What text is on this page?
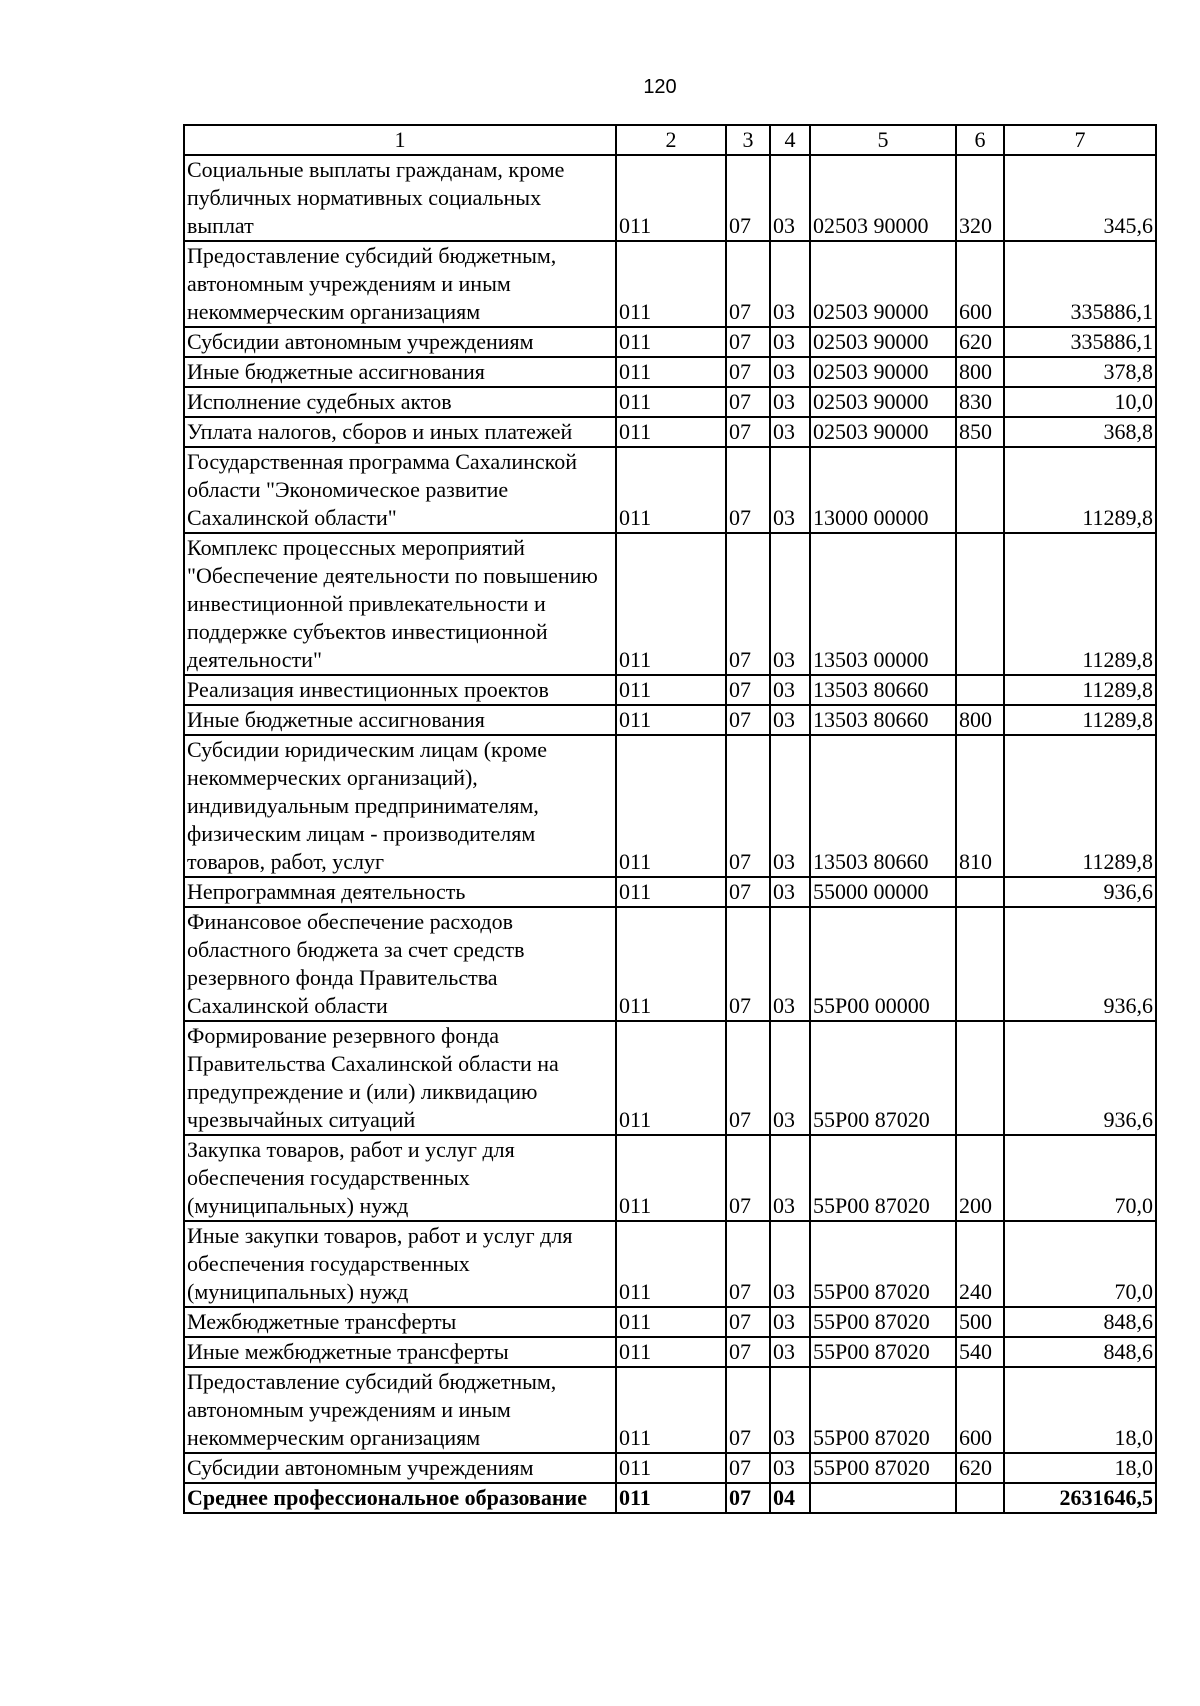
120
1	2	3	4	5	6	7
Социальные выплаты гражданам, кроме публичных нормативных социальных выплат	011	07	03	02503 90000	320	345,6
Предоставление субсидий бюджетным, автономным учреждениям и иным некоммерческим организациям	011	07	03	02503 90000	600	335886,1
Субсидии автономным учреждениям	011	07	03	02503 90000	620	335886,1
Иные бюджетные ассигнования	011	07	03	02503 90000	800	378,8
Исполнение судебных актов	011	07	03	02503 90000	830	10,0
Уплата налогов, сборов и иных платежей	011	07	03	02503 90000	850	368,8
Государственная программа Сахалинской области "Экономическое развитие Сахалинской области"	011	07	03	13000 00000		11289,8
Комплекс процессных мероприятий "Обеспечение деятельности по повышению инвестиционной привлекательности и поддержке субъектов инвестиционной деятельности"	011	07	03	13503 00000		11289,8
Реализация инвестиционных проектов	011	07	03	13503 80660		11289,8
Иные бюджетные ассигнования	011	07	03	13503 80660	800	11289,8
Субсидии юридическим лицам (кроме некоммерческих организаций), индивидуальным предпринимателям, физическим лицам - производителям товаров, работ, услуг	011	07	03	13503 80660	810	11289,8
Непрограммная деятельность	011	07	03	55000 00000		936,6
Финансовое обеспечение расходов областного бюджета за счет средств резервного фонда Правительства Сахалинской области	011	07	03	55Р00 00000		936,6
Формирование резервного фонда Правительства Сахалинской области на предупреждение и (или) ликвидацию чрезвычайных ситуаций	011	07	03	55Р00 87020		936,6
Закупка товаров, работ и услуг для обеспечения государственных (муниципальных) нужд	011	07	03	55Р00 87020	200	70,0
Иные закупки товаров, работ и услуг для обеспечения государственных (муниципальных) нужд	011	07	03	55Р00 87020	240	70,0
Межбюджетные трансферты	011	07	03	55Р00 87020	500	848,6
Иные межбюджетные трансферты	011	07	03	55Р00 87020	540	848,6
Предоставление субсидий бюджетным, автономным учреждениям и иным некоммерческим организациям	011	07	03	55Р00 87020	600	18,0
Субсидии автономным учреждениям	011	07	03	55Р00 87020	620	18,0
Среднее профессиональное образование	011	07	04			2631646,5
